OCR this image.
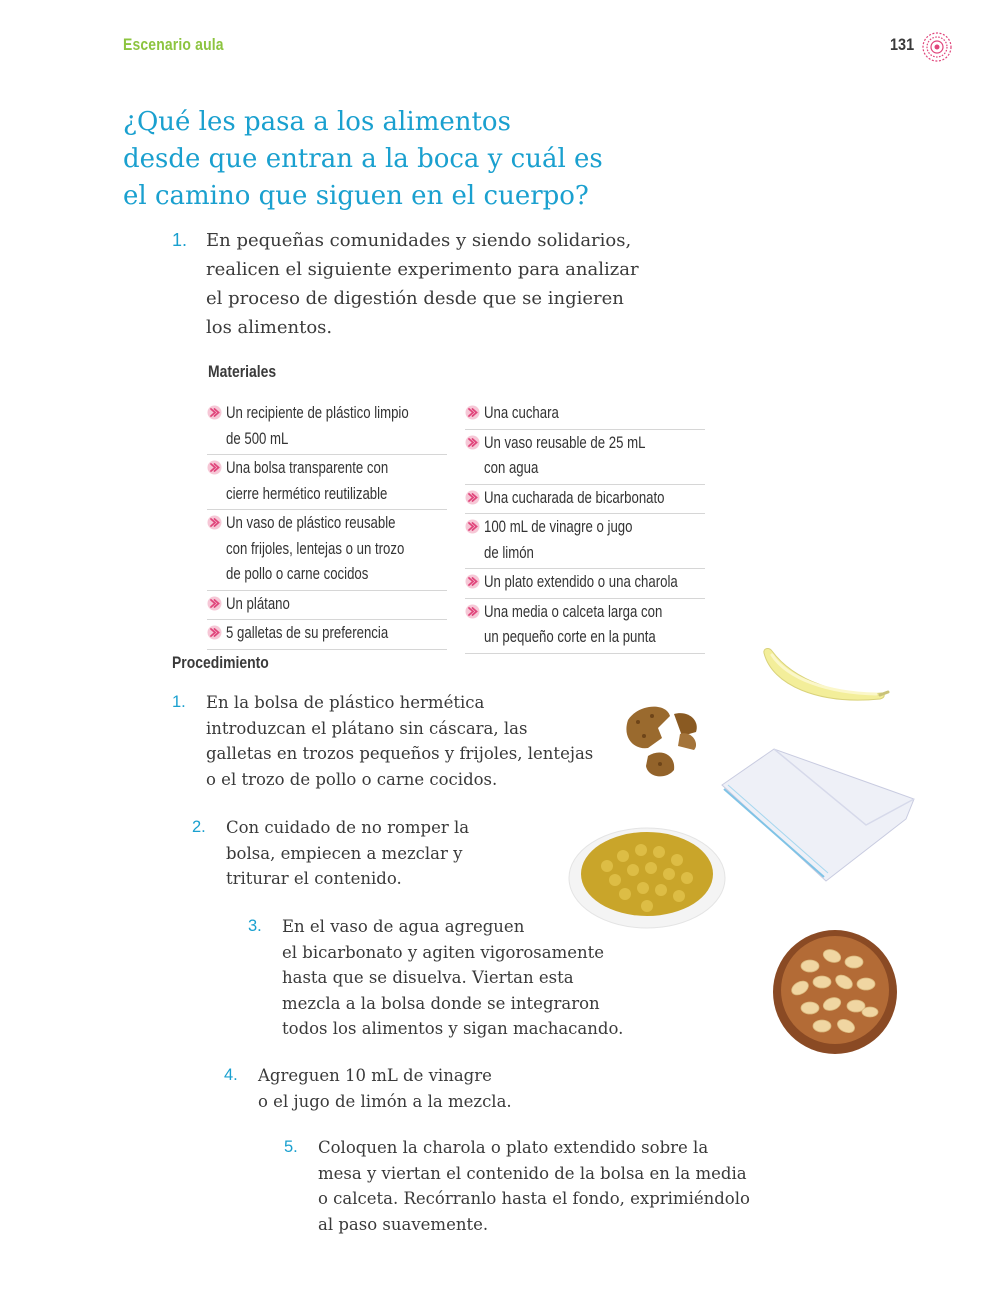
Escenario aula	131
¿Qué les pasa a los alimentos
desde que entran a la boca y cuál es
el camino que siguen en el cuerpo?
1. En pequeñas comunidades y siendo solidarios,
realicen el siguiente experimento para analizar
el proceso de digestión desde que se ingieren
los alimentos.
Materiales
Un recipiente de plástico limpio
de 500 mL
Una bolsa transparente con
cierre hermético reutilizable
Un vaso de plástico reusable
con frijoles, lentejas o un trozo
de pollo o carne cocidos
Un plátano
5 galletas de su preferencia
Una cuchara
Un vaso reusable de 25 mL
con agua
Una cucharada de bicarbonato
100 mL de vinagre o jugo
de limón
Un plato extendido o una charola
Una media o calceta larga con
un pequeño corte en la punta
Procedimiento
1. En la bolsa de plástico hermética
introduzcan el plátano sin cáscara, las
galletas en trozos pequeños y frijoles, lentejas
o el trozo de pollo o carne cocidos.
2. Con cuidado de no romper la
bolsa, empiecen a mezclar y
triturar el contenido.
3. En el vaso de agua agreguen
el bicarbonato y agiten vigorosamente
hasta que se disuelva. Viertan esta
mezcla a la bolsa donde se integraron
todos los alimentos y sigan machacando.
4. Agreguen 10 mL de vinagre
o el jugo de limón a la mezcla.
5. Coloquen la charola o plato extendido sobre la
mesa y viertan el contenido de la bolsa en la media
o calceta. Recórranlo hasta el fondo, exprimiéndolo
al paso suavemente.
